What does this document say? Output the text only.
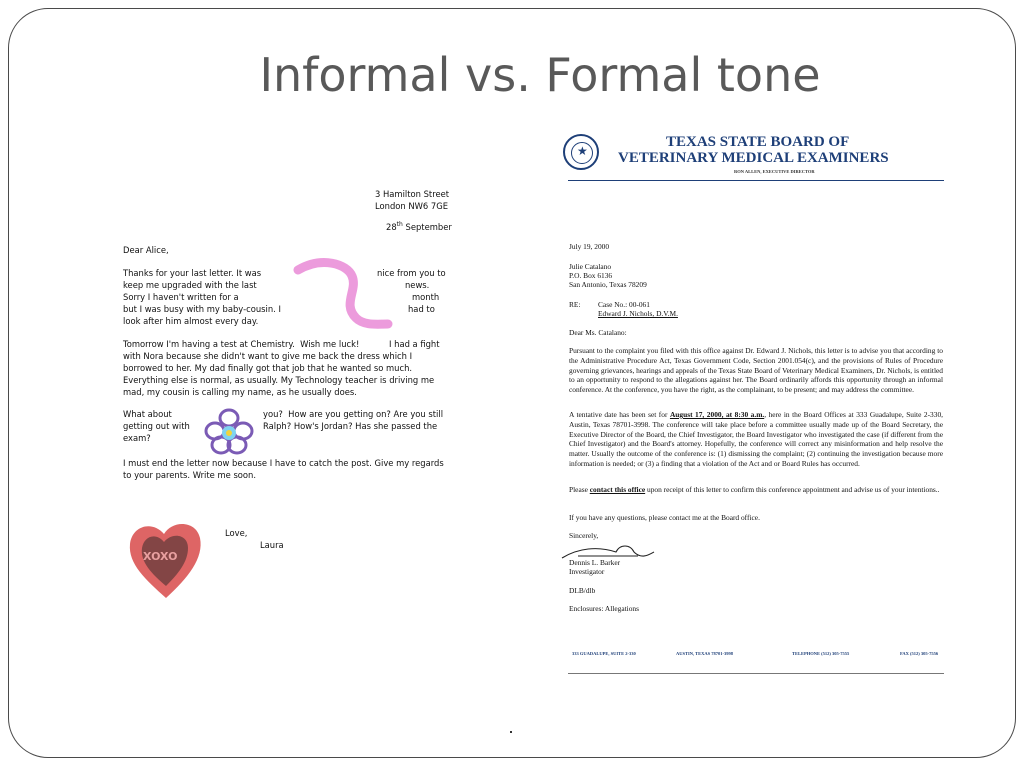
Informal vs. Formal tone
3 Hamilton Street
London NW6 7GE
28th September
Dear Alice,
Thanks for your last letter. It was	nice from you to
keep me upgraded with the last	news.
Sorry I haven't written for a	month
but I was busy with my baby-cousin. I	had to
look after him almost every day.
Tomorrow I'm having a test at Chemistry.  Wish me luck!	I had a fight
with Nora because she didn't want to give me back the dress which I
borrowed to her. My dad finally got that job that he wanted so much.
Everything else is normal, as usually. My Technology teacher is driving me
mad, my cousin is calling my name, as he usually does.
What about	you?  How are you getting on? Are you still
getting out with	Ralph? How's Jordan? Has she passed the
exam?
I must end the letter now because I have to catch the post. Give my regards
to your parents. Write me soon.
Love,
Laura
XOXO
★
TEXAS STATE BOARD OF
VETERINARY MEDICAL EXAMINERS
RON ALLEN, EXECUTIVE DIRECTOR
July 19, 2000
Julie Catalano
P.O. Box 6136
San Antonio, Texas 78209
RE: Case No.: 00-061
Edward J. Nichols, D.V.M.
Dear Ms. Catalano:
Pursuant to the complaint you filed with this office against Dr. Edward J. Nichols, this letter is to advise you that according to the Administrative Procedure Act, Texas Government Code, Section 2001.054(c), and the provisions of Rules of Procedure governing grievances, hearings and appeals of the Texas State Board of Veterinary Medical Examiners, Dr. Nichols, is entitled to an opportunity to respond to the allegations against her. The Board ordinarily affords this opportunity through an informal conference. At the conference, you have the right, as the complainant, to be present; and may address the committee.
A tentative date has been set for August 17, 2000, at 8:30 a.m., here in the Board Offices at 333 Guadalupe, Suite 2-330, Austin, Texas 78701-3998. The conference will take place before a committee usually made up of the Board Secretary, the Executive Director of the Board, the Chief Investigator, the Board Investigator who investigated the case (if different from the Chief Investigator) and the Board's attorney. Hopefully, the conference will correct any misinformation and help resolve the matter. Usually the outcome of the conference is: (1) dismissing the complaint; (2) continuing the investigation because more information is needed; or (3) a finding that a violation of the Act and or Board Rules has occurred.
Please contact this office upon receipt of this letter to confirm this conference appointment and advise us of your intentions..
If you have any questions, please contact me at the Board office.
Sincerely,
Dennis L. Barker
Investigator
DLB/dlb
Enclosures: Allegations
333 GUADALUPE, SUITE 2-330	AUSTIN, TEXAS 78701-3998	TELEPHONE (512) 305-7555	FAX (512) 305-7556
